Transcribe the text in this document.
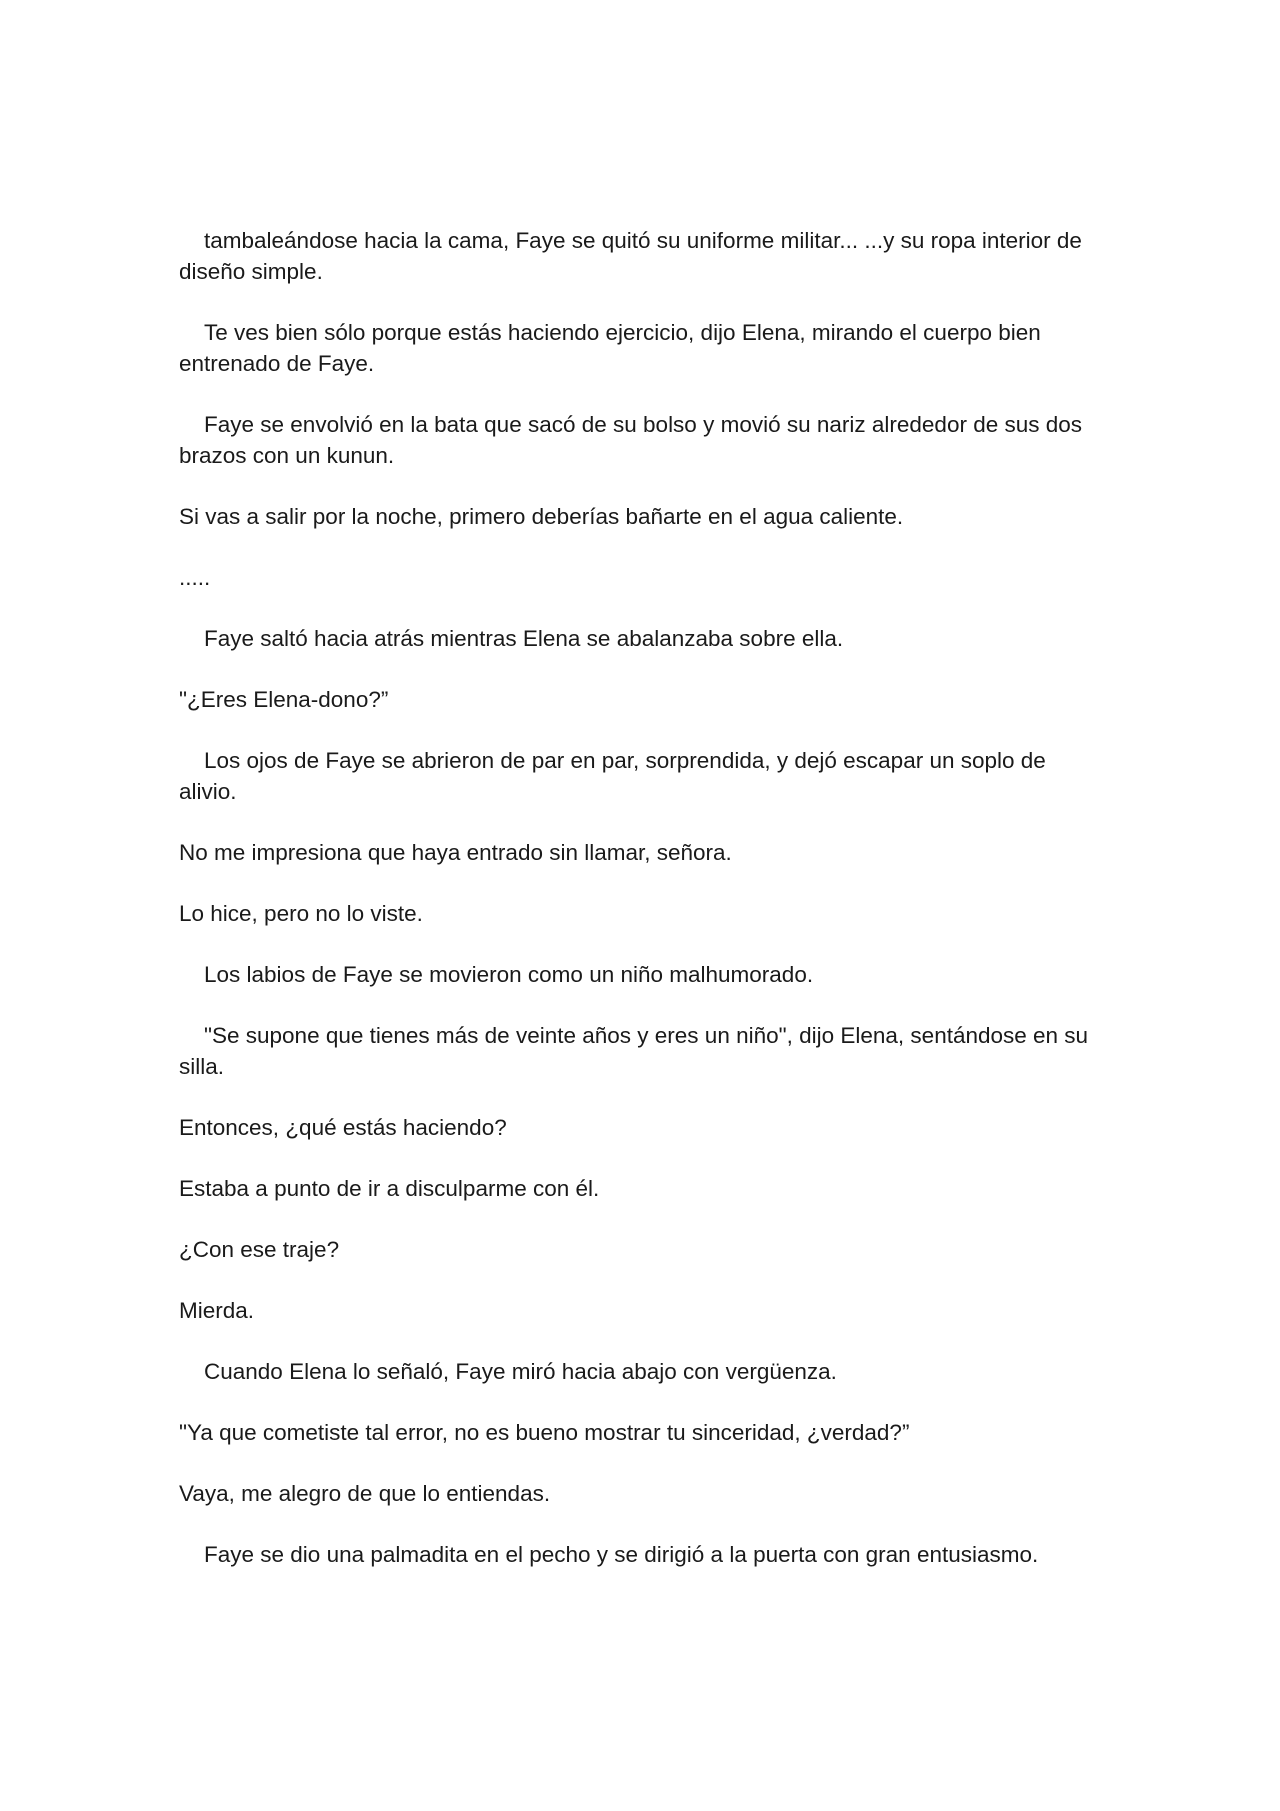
tambaleándose hacia la cama, Faye se quitó su uniforme militar... ...y su ropa interior de diseño simple.

Te ves bien sólo porque estás haciendo ejercicio, dijo Elena, mirando el cuerpo bien entrenado de Faye.

Faye se envolvió en la bata que sacó de su bolso y movió su nariz alrededor de sus dos brazos con un kunun.

Si vas a salir por la noche, primero deberías bañarte en el agua caliente.

.....

Faye saltó hacia atrás mientras Elena se abalanzaba sobre ella.

"¿Eres Elena-dono?”

Los ojos de Faye se abrieron de par en par, sorprendida, y dejó escapar un soplo de alivio.

No me impresiona que haya entrado sin llamar, señora.

Lo hice, pero no lo viste.

Los labios de Faye se movieron como un niño malhumorado.

"Se supone que tienes más de veinte años y eres un niño", dijo Elena, sentándose en su silla.

Entonces, ¿qué estás haciendo?

Estaba a punto de ir a disculparme con él.

¿Con ese traje?

Mierda.

Cuando Elena lo señaló, Faye miró hacia abajo con vergüenza.

"Ya que cometiste tal error, no es bueno mostrar tu sinceridad, ¿verdad?”

Vaya, me alegro de que lo entiendas.

Faye se dio una palmadita en el pecho y se dirigió a la puerta con gran entusiasmo.
